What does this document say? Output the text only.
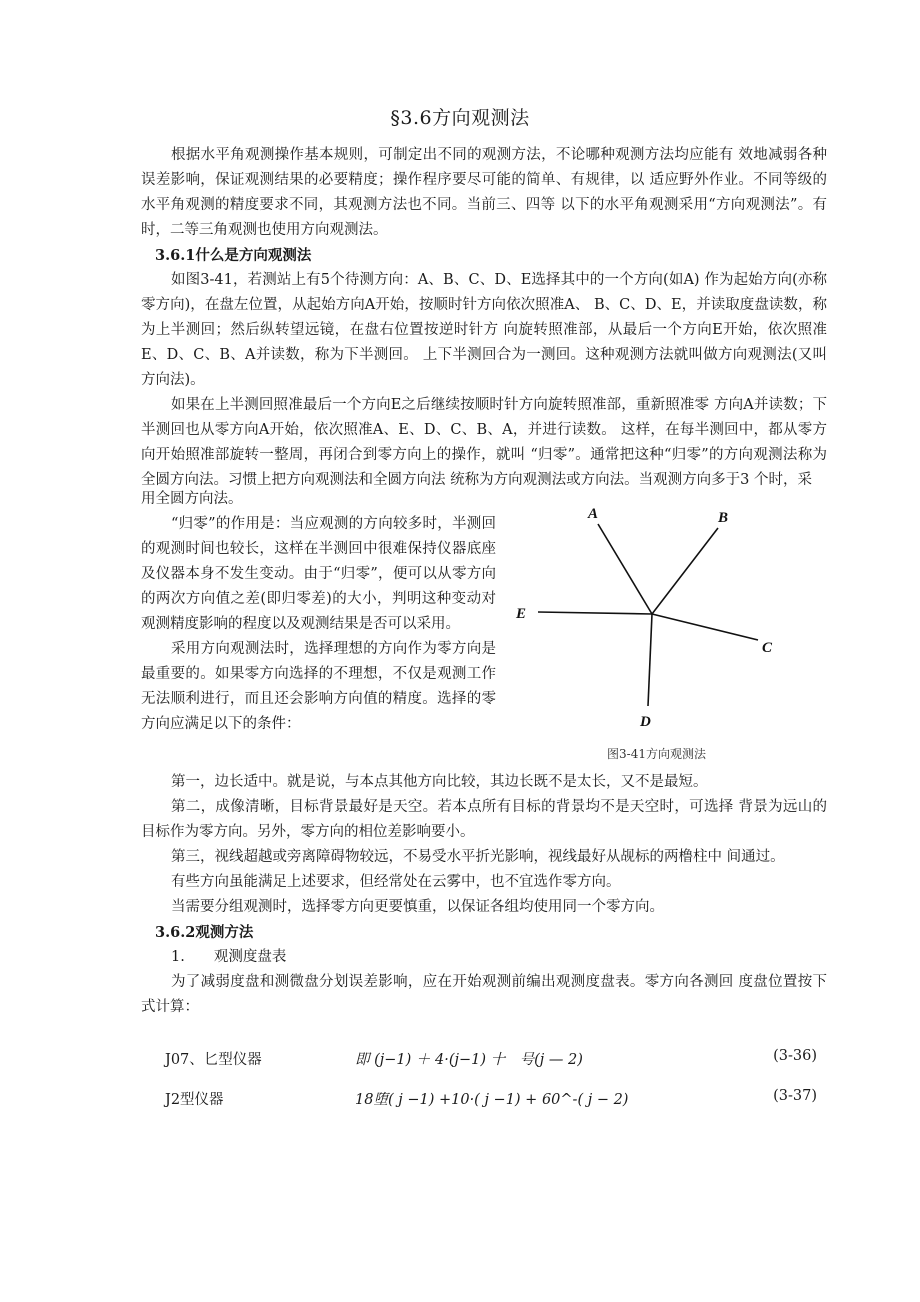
§3.6方向观测法

根据水平角观测操作基本规则，可制定出不同的观测方法，不论哪种观测方法均应能有 效地减弱各种误差影响，保证观测结果的必要精度；操作程序要尽可能的简单、有规律，以 适应野外作业。不同等级的水平角观测的精度要求不同，其观测方法也不同。当前三、四等 以下的水平角观测采用“方向观测法”。有时，二等三角观测也使用方向观测法。

3.6.1什么是方向观测法

如图3-41，若测站上有5个待测方向：A、B、C、D、E选择其中的一个方向(如A) 作为起始方向(亦称零方向)，在盘左位置，从起始方向A开始，按顺时针方向依次照准A、 B、C、D、E，并读取度盘读数，称为上半测回；然后纵转望远镜，在盘右位置按逆时针方 向旋转照准部，从最后一个方向E开始，依次照准E、D、C、B、A并读数，称为下半测回。 上下半测回合为一测回。这种观测方法就叫做方向观测法(又叫方向法)。

如果在上半测回照准最后一个方向E之后继续按顺时针方向旋转照准部，重新照准零 方向A并读数；下半测回也从零方向A开始，依次照准A、E、D、C、B、A，并进行读数。 这样，在每半测回中，都从零方向开始照准部旋转一整周，再闭合到零方向上的操作，就叫 “归零”。通常把这种“归零”的方向观测法称为 全圆方向法。习惯上把方向观测法和全圆方向法 统称为方向观测法或方向法。当观测方向多于3 个时，采

用全圆方向法。

“归零”的作用是：当应观测的方向较多时，半测回的观测时间也较长，这样在半测回中很难保持仪器底座及仪器本身不发生变动。由于“归零”，便可以从零方向的两次方向值之差(即归零差)的大小，判明这种变动对观测精度影响的程度以及观测结果是否可以采用。

采用方向观测法时，选择理想的方向作为零方向是最重要的。如果零方向选择的不理想，不仅是观测工作无法顺利进行，而且还会影响方向值的精度。选择的零方向应满足以下的条件：

A	B
C
D
E
图3-41方向观测法

第一，边长适中。就是说，与本点其他方向比较，其边长既不是太长，又不是最短。

第二，成像清晰，目标背景最好是天空。若本点所有目标的背景均不是天空时，可选择 背景为远山的目标作为零方向。另外，零方向的相位差影响要小。

第三，视线超越或旁离障碍物较远，不易受水平折光影响，视线最好从觇标的两橹柱中 间通过。

有些方向虽能满足上述要求，但经常处在云雾中，也不宜选作零方向。

当需要分组观测时，选择零方向更要慎重，以保证各组均使用同一个零方向。

3.6.2观测方法

1.　　观测度盘表

为了减弱度盘和测微盘分划误差影响，应在开始观测前编出观测度盘表。零方向各测回 度盘位置按下式计算：

J07、匕型仪器	即 (j−1) ＋ 4·(j−1) 十　号(j — 2)	(3-36)
J2型仪器	18堕( j −1) +10·( j −1) + 60^-( j − 2)	(3-37)
